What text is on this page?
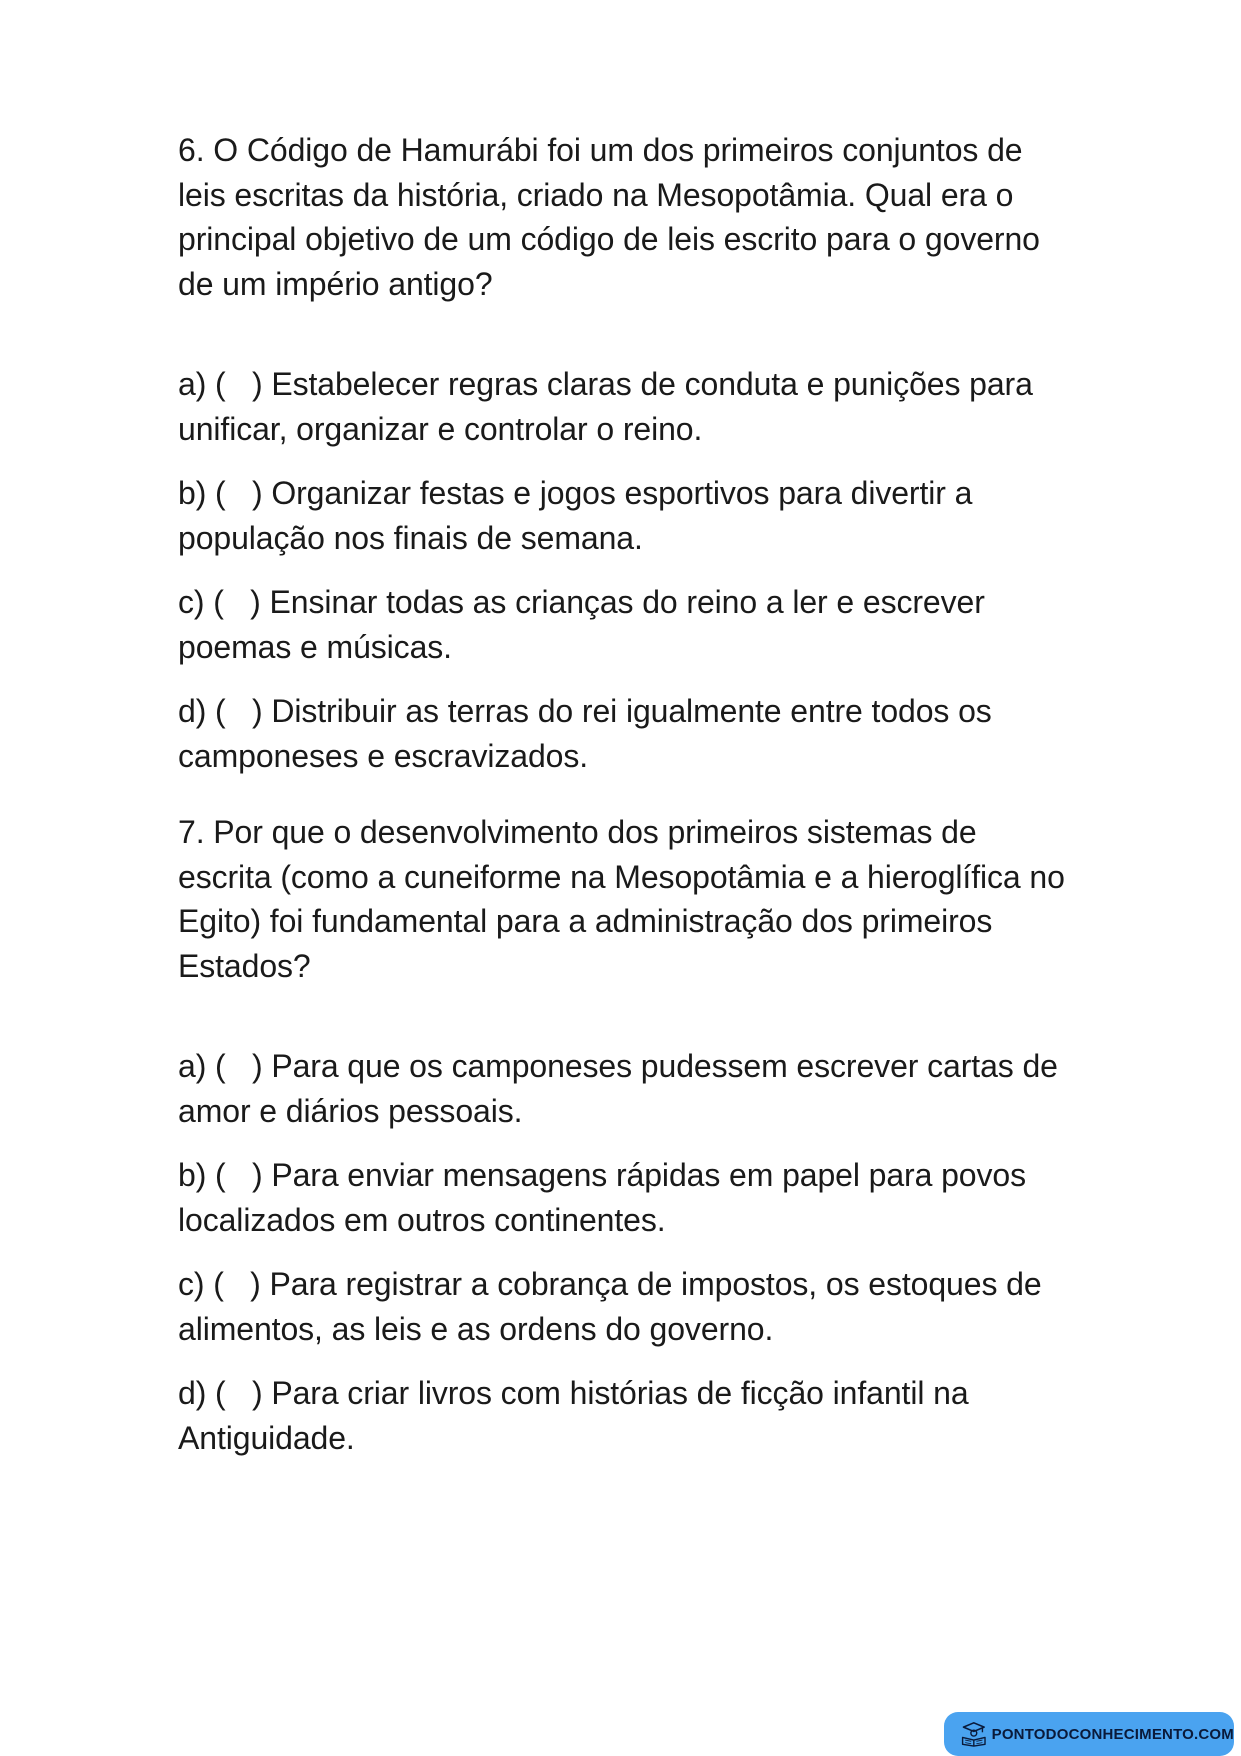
6. O Código de Hamurábi foi um dos primeiros conjuntos de leis escritas da história, criado na Mesopotâmia. Qual era o principal objetivo de um código de leis escrito para o governo de um império antigo?

a) (   ) Estabelecer regras claras de conduta e punições para unificar, organizar e controlar o reino.

b) (   ) Organizar festas e jogos esportivos para divertir a população nos finais de semana.

c) (   ) Ensinar todas as crianças do reino a ler e escrever poemas e músicas.

d) (   ) Distribuir as terras do rei igualmente entre todos os camponeses e escravizados.

7. Por que o desenvolvimento dos primeiros sistemas de escrita (como a cuneiforme na Mesopotâmia e a hieroglífica no Egito) foi fundamental para a administração dos primeiros Estados?

a) (   ) Para que os camponeses pudessem escrever cartas de amor e diários pessoais.

b) (   ) Para enviar mensagens rápidas em papel para povos localizados em outros continentes.

c) (   ) Para registrar a cobrança de impostos, os estoques de alimentos, as leis e as ordens do governo.

d) (   ) Para criar livros com histórias de ficção infantil na Antiguidade.

PONTODOCONHECIMENTO.COM
